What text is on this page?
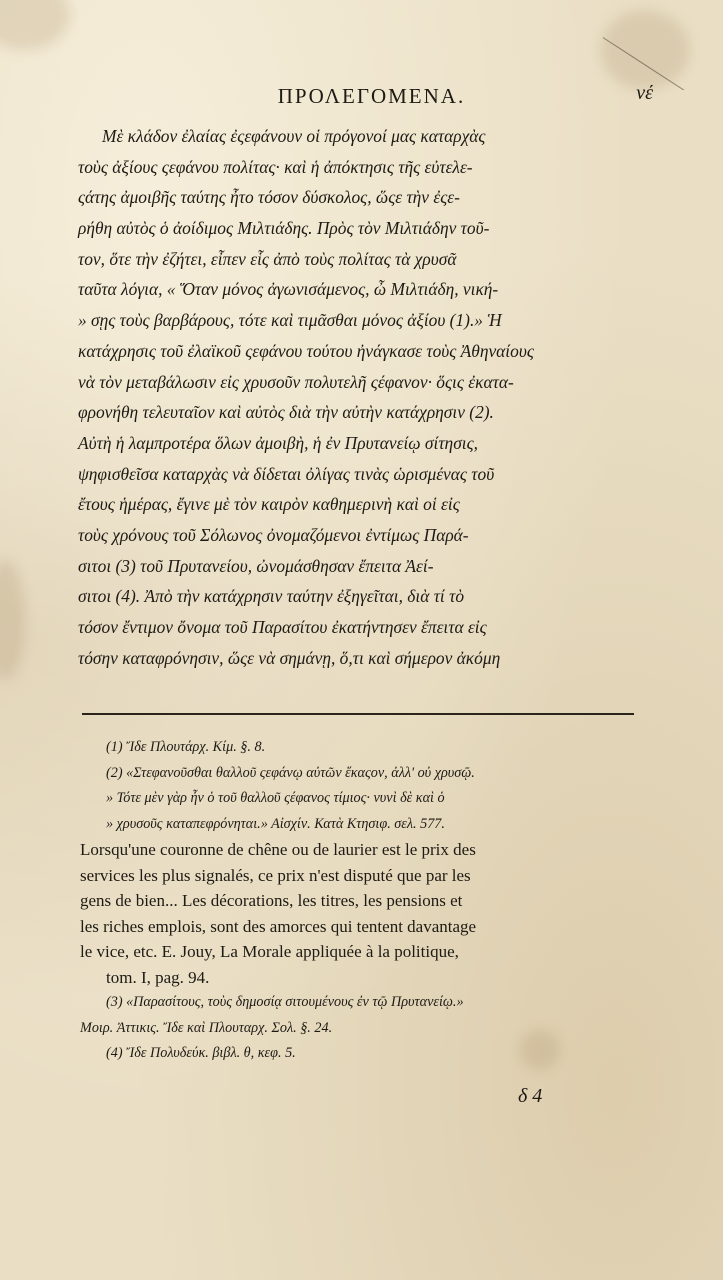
ΠΡΟΛΕΓΟΜΕΝΑ.	νέ
Μὲ κλάδον ἐλαίας ἐςεφάνουν οἱ πρόγονοί μας καταρχὰς
τοὺς ἀξίους ςεφάνου πολίτας· καὶ ἡ ἀπόκτησις τῆς εὐτελε-
ςάτης ἀμοιβῆς ταύτης ἦτο τόσον δύσκολος, ὥςε τὴν ἐςε-
ρήθη αὐτὸς ὁ ἀοίδιμος Μιλτιάδης. Πρὸς τὸν Μιλτιάδην τοῦ-
τον, ὅτε τὴν ἐζήτει, εἶπεν εἷς ἀπὸ τοὺς πολίτας τὰ χρυσᾶ
ταῦτα λόγια, « Ὅταν μόνος ἀγωνισάμενος, ὦ Μιλτιάδη, νική-
» σῃς τοὺς βαρβάρους, τότε καὶ τιμᾶσθαι μόνος ἀξίου (1).» Ἡ
κατάχρησις τοῦ ἐλαϊκοῦ ςεφάνου τούτου ἠνάγκασε τοὺς Ἀθηναίους
νὰ τὸν μεταβάλωσιν εἰς χρυσοῦν πολυτελῆ ςέφανον· ὅςις ἐκατα-
φρονήθη τελευταῖον καὶ αὐτὸς διὰ τὴν αὐτὴν κατάχρησιν (2).
Αὐτὴ ἡ λαμπροτέρα ὅλων ἀμοιβὴ, ἡ ἐν Πρυτανείῳ σίτησις,
ψηφισθεῖσα καταρχὰς νὰ δίδεται ὀλίγας τινὰς ὡρισμένας τοῦ
ἔτους ἡμέρας, ἔγινε μὲ τὸν καιρὸν καθημερινὴ καὶ οἱ εἰς
τοὺς χρόνους τοῦ Σόλωνος ὀνομαζόμενοι ἐντίμως Παρά-
σιτοι (3) τοῦ Πρυτανείου, ὠνομάσθησαν ἔπειτα Ἀεί-
σιτοι (4). Ἀπὸ τὴν κατάχρησιν ταύτην ἐξηγεῖται, διὰ τί τὸ
τόσον ἔντιμον ὄνομα τοῦ Παρασίτου ἐκατήντησεν ἔπειτα εἰς
τόσην καταφρόνησιν, ὥςε νὰ σημάνῃ, ὅ,τι καὶ σήμερον ἀκόμη
(1) Ἴδε Πλουτάρχ. Κίμ. §. 8.
(2) «Στεφανοῦσθαι θαλλοῦ ςεφάνῳ αὐτῶν ἕκαςον, ἀλλ' οὐ χρυσῷ.
» Τότε μὲν γὰρ ἦν ὁ τοῦ θαλλοῦ ςέφανος τίμιος· νυνὶ δὲ καὶ ὁ
» χρυσοῦς καταπεφρόνηται.» Αἰσχίν. Κατὰ Κτησιφ. σελ. 577.
Lorsqu'une couronne de chêne ou de laurier est le prix des
services les plus signalés, ce prix n'est disputé que par les
gens de bien... Les décorations, les titres, les pensions et
les riches emplois, sont des amorces qui tentent davantage
le vice, etc. E. Jouy, La Morale appliquée à la politique,
tom. I, pag. 94.
(3) «Παρασίτους, τοὺς δημοσίᾳ σιτουμένους ἐν τῷ Πρυτανείῳ.»
Μοιρ. Ἀττικις. Ἴδε καὶ Πλουταρχ. Σολ. §. 24.
(4) Ἴδε Πολυδεύκ. βιβλ. θ, κεφ. 5.
δ 4
